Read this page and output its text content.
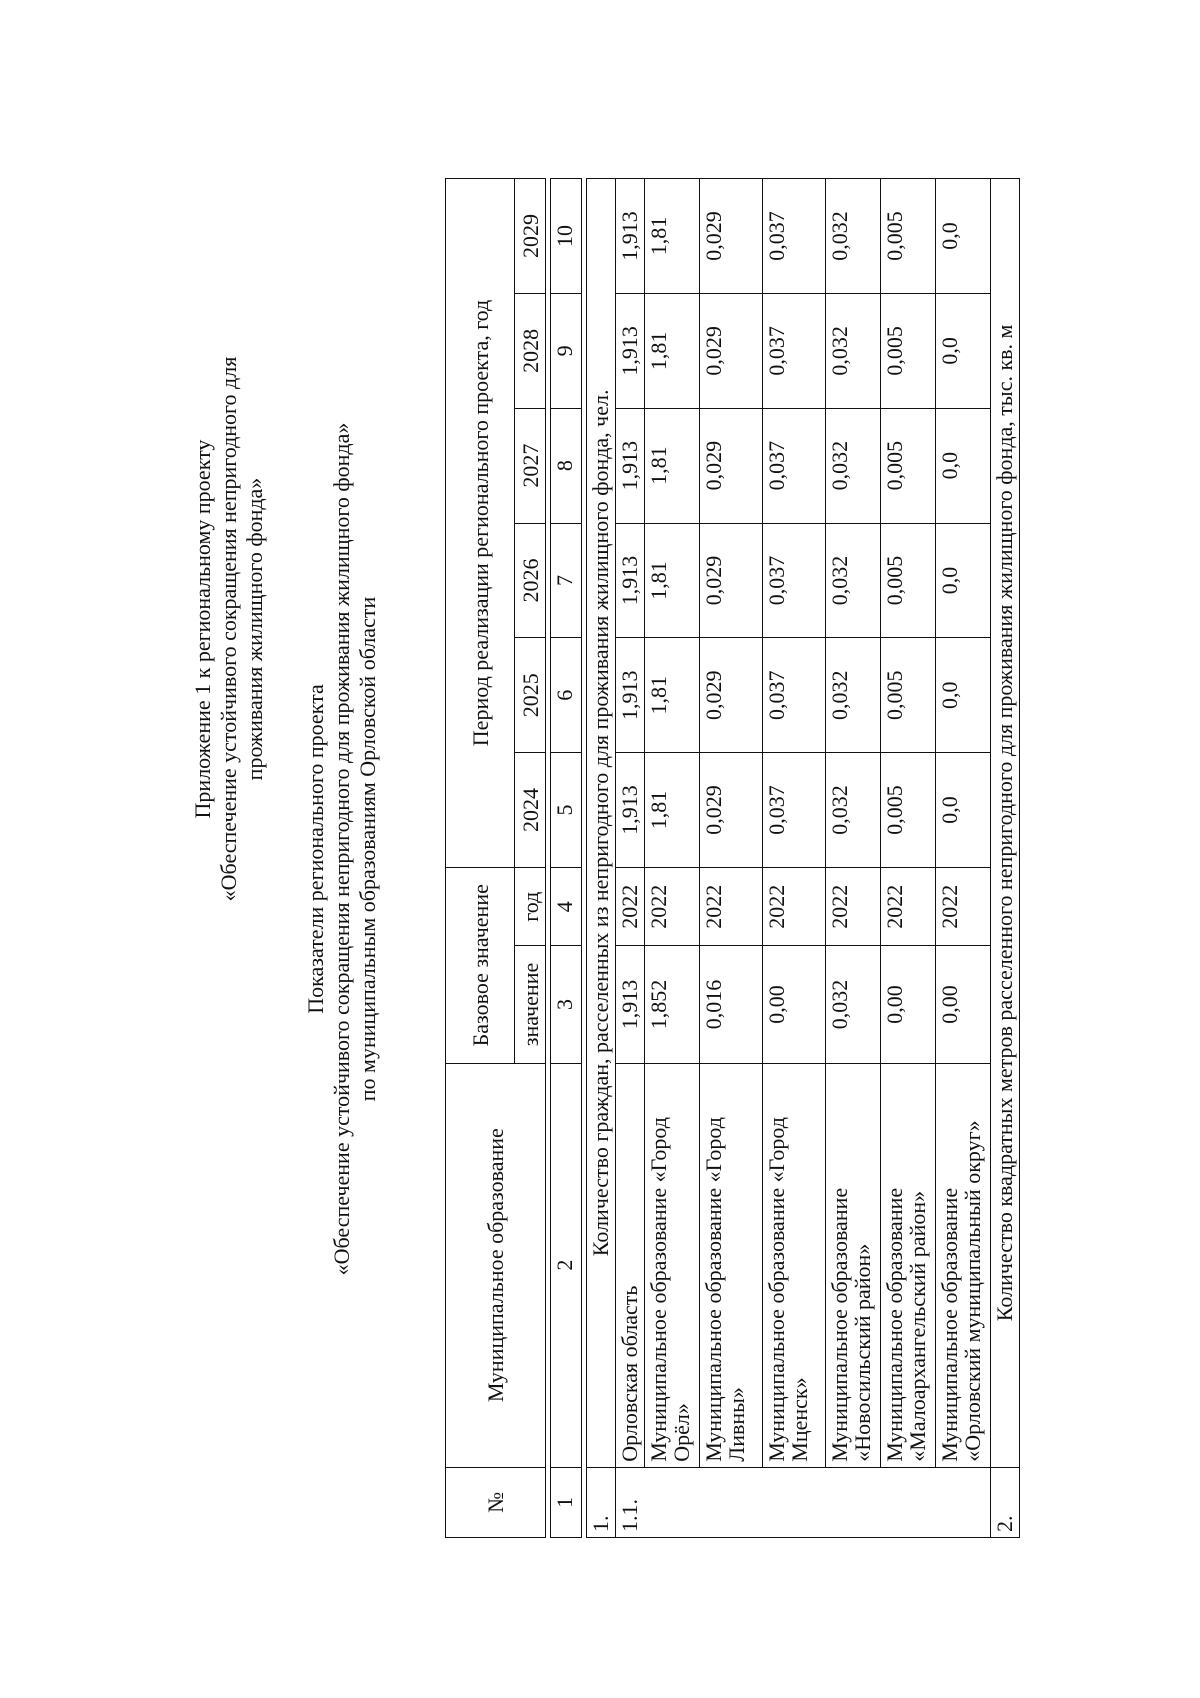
Приложение 1 к региональному проекту «Обеспечение устойчивого сокращения непригодного для проживания жилищного фонда»
Показатели регионального проекта «Обеспечение устойчивого сокращения непригодного для проживания жилищного фонда» по муниципальным образованиям Орловской области
№	Муниципальное образование	Базовое значение		Период реализации регионального проекта, год					
		значение	год	2024	2025	2026	2027	2028	2029

1	2	3	4	5	6	7	8	9	10

1.	Количество граждан, расселенных из непригодного для проживания жилищного фонда, чел.								
1.1.	Орловская область	1,913	2022	1,913	1,913	1,913	1,913	1,913	1,913
	Муниципальное образование «Город Орёл»	1,852	2022	1,81	1,81	1,81	1,81	1,81	1,81
	Муниципальное образование «Город Ливны»	0,016	2022	0,029	0,029	0,029	0,029	0,029	0,029
	Муниципальное образование «Город Мценск»	0,00	2022	0,037	0,037	0,037	0,037	0,037	0,037
	Муниципальное образование «Новосильский район»	0,032	2022	0,032	0,032	0,032	0,032	0,032	0,032
	Муниципальное образование «Малоархангельский район»	0,00	2022	0,005	0,005	0,005	0,005	0,005	0,005
	Муниципальное образование «Орловский муниципальный округ»	0,00	2022	0,0	0,0	0,0	0,0	0,0	0,0
2.	Количество квадратных метров расселенного непригодного для проживания жилищного фонда, тыс. кв. м								
